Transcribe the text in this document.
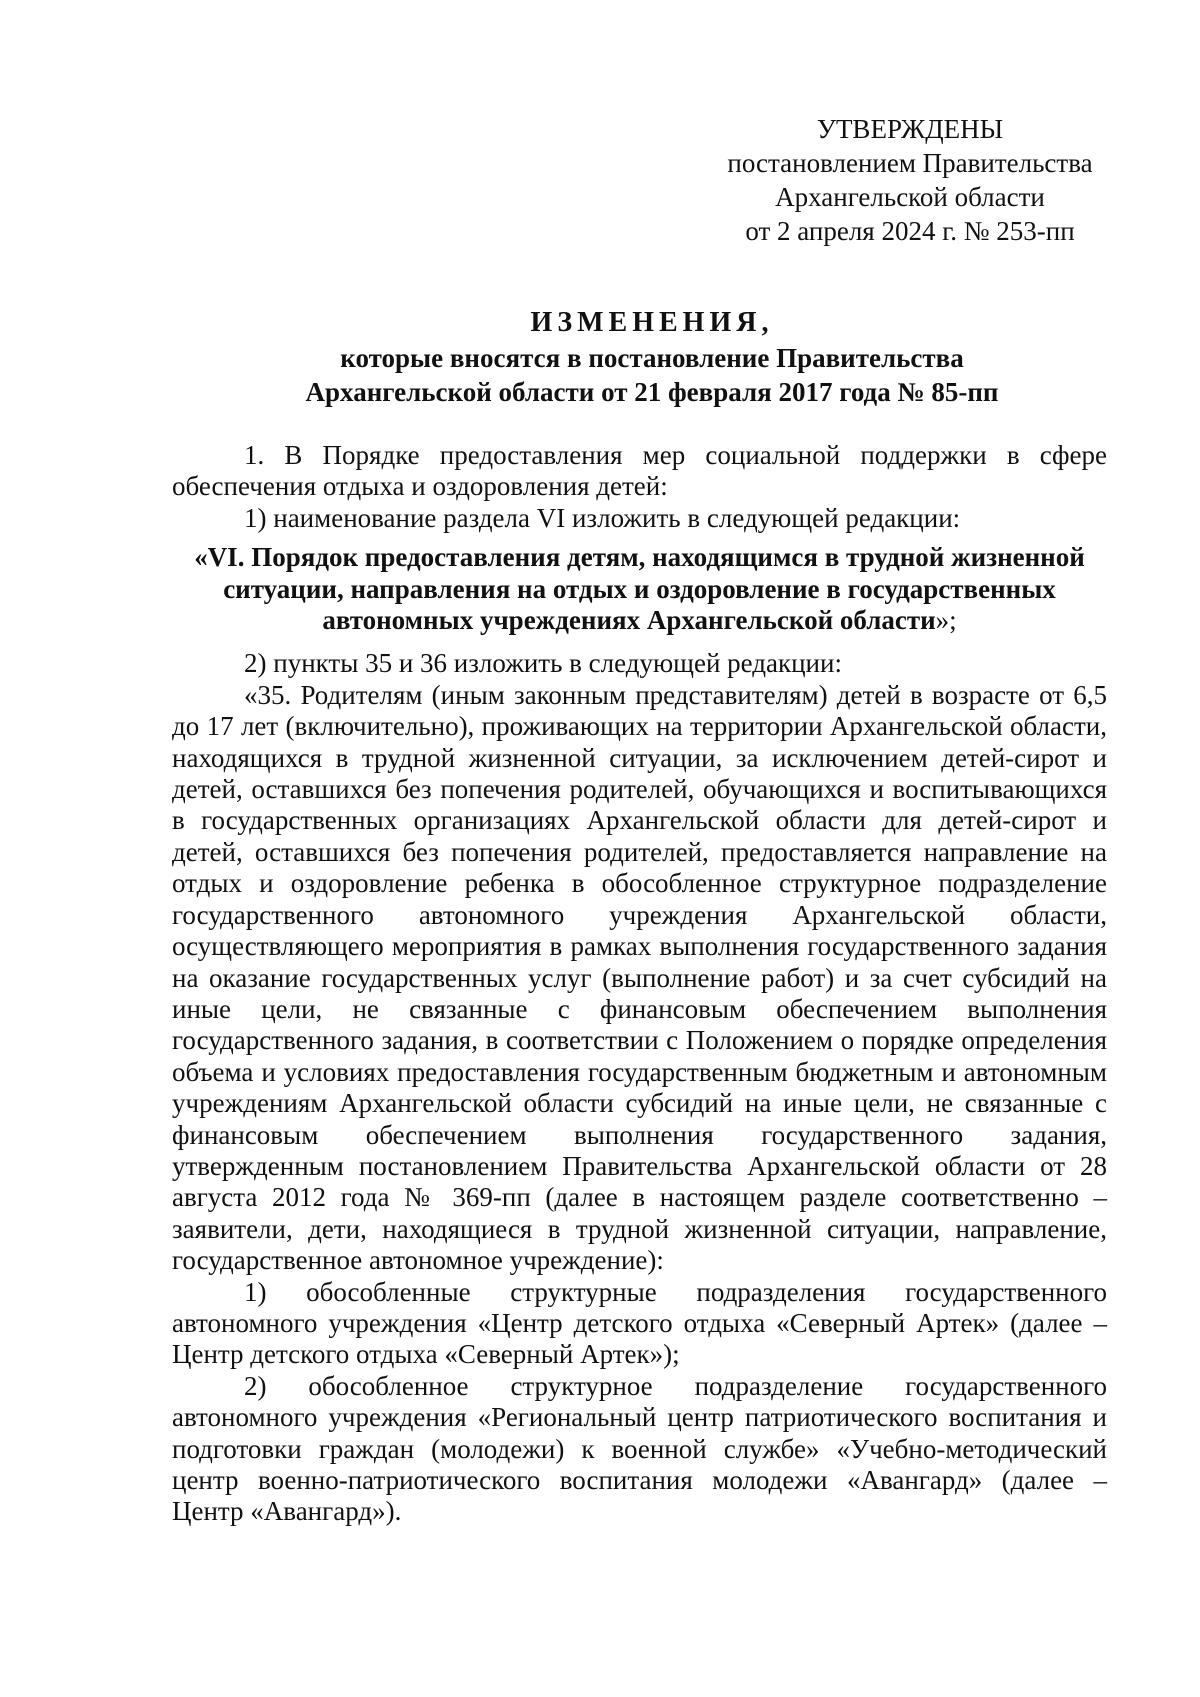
УТВЕРЖДЕНЫ
постановлением Правительства
Архангельской области
от 2 апреля 2024 г. № 253-пп
ИЗМЕНЕНИЯ,
которые вносятся в постановление Правительства
Архангельской области от 21 февраля 2017 года № 85-пп

1. В Порядке предоставления мер социальной поддержки в сфере обеспечения отдыха и оздоровления детей:

1) наименование раздела VI изложить в следующей редакции:

«VI. Порядок предоставления детям, находящимся в трудной жизненной ситуации, направления на отдых и оздоровление в государственных автономных учреждениях Архангельской области»;

2) пункты 35 и 36 изложить в следующей редакции:

«35. Родителям (иным законным представителям) детей в возрасте от 6,5 до 17 лет (включительно), проживающих на территории Архангельской области, находящихся в трудной жизненной ситуации, за исключением детей-сирот и детей, оставшихся без попечения родителей, обучающихся и воспитывающихся в государственных организациях Архангельской области для детей-сирот и детей, оставшихся без попечения родителей, предоставляется направление на отдых и оздоровление ребенка в обособленное структурное подразделение государственного автономного учреждения Архангельской области, осуществляющего мероприятия в рамках выполнения государственного задания на оказание государственных услуг (выполнение работ) и за счет субсидий на иные цели, не связанные с финансовым обеспечением выполнения государственного задания, в соответствии с Положением о порядке определения объема и условиях предоставления государственным бюджетным и автономным учреждениям Архангельской области субсидий на иные цели, не связанные с финансовым обеспечением выполнения государственного задания, утвержденным постановлением Правительства Архангельской области от 28 августа 2012 года № 369-пп (далее в настоящем разделе соответственно – заявители, дети, находящиеся в трудной жизненной ситуации, направление, государственное автономное учреждение):

1) обособленные структурные подразделения государственного автономного учреждения «Центр детского отдыха «Северный Артек» (далее – Центр детского отдыха «Северный Артек»);

2) обособленное структурное подразделение государственного автономного учреждения «Региональный центр патриотического воспитания и подготовки граждан (молодежи) к военной службе» «Учебно-методический центр военно-патриотического воспитания молодежи «Авангард» (далее – Центр «Авангард»).
